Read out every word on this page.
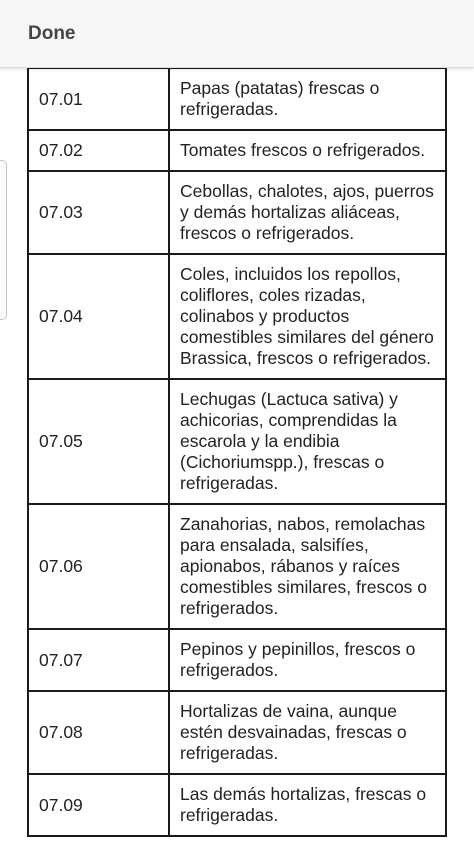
Done
07.01	Papas (patatas) frescas o refrigeradas.
07.02	Tomates frescos o refrigerados.
07.03	Cebollas, chalotes, ajos, puerros y demás hortalizas aliáceas, frescos o refrigerados.
07.04	Coles, incluidos los repollos, coliflores, coles rizadas, colinabos y productos comestibles similares del género Brassica, frescos o refrigerados.
07.05	Lechugas (Lactuca sativa) y achicorias, comprendidas la escarola y la endibia (Cichoriumspp.), frescas o refrigeradas.
07.06	Zanahorias, nabos, remolachas para ensalada, salsifíes, apionabos, rábanos y raíces comestibles similares, frescos o refrigerados.
07.07	Pepinos y pepinillos, frescos o refrigerados.
07.08	Hortalizas de vaina, aunque estén desvainadas, frescas o refrigeradas.
07.09	Las demás hortalizas, frescas o refrigeradas.
